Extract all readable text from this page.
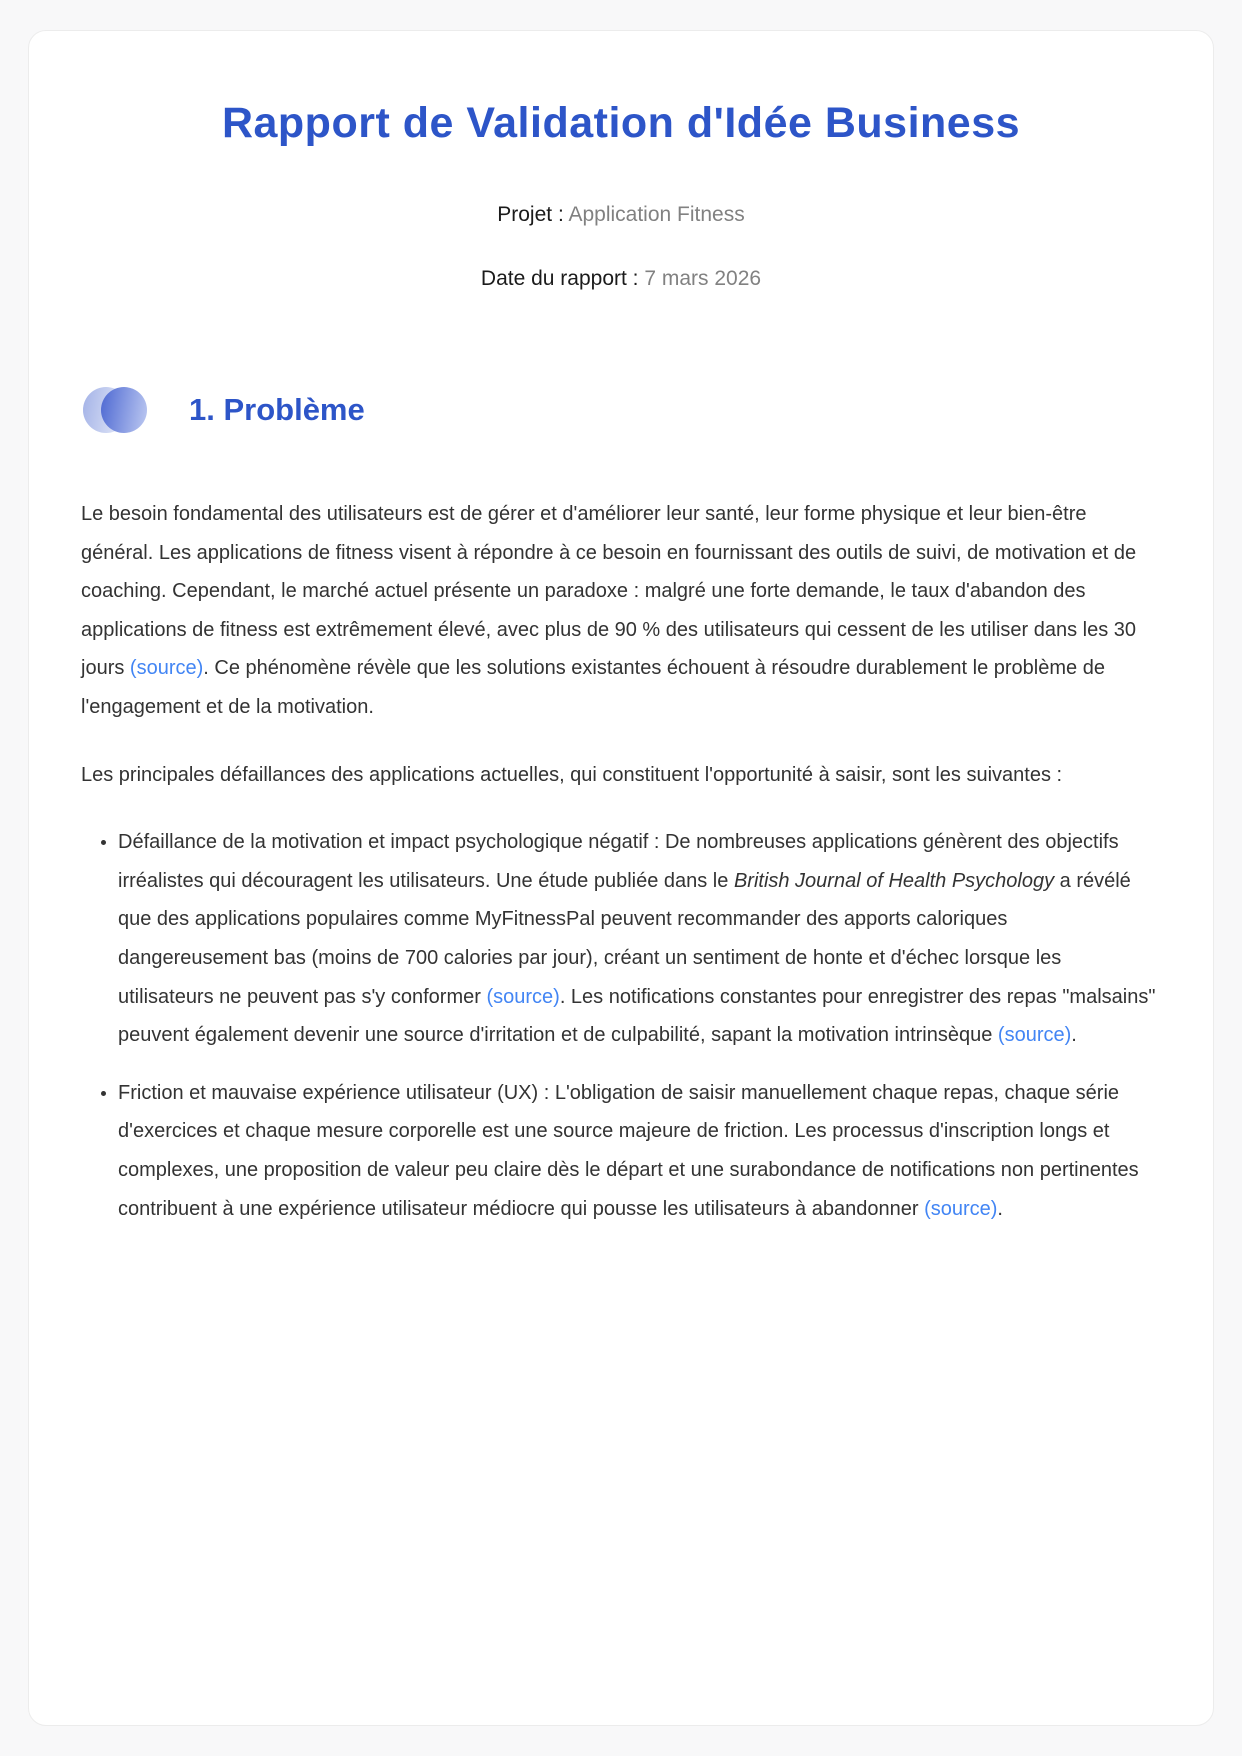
Rapport de Validation d'Idée Business

Projet : Application Fitness

Date du rapport : 7 mars 2026

1. Problème

Le besoin fondamental des utilisateurs est de gérer et d'améliorer leur santé, leur forme physique et leur bien-être général. Les applications de fitness visent à répondre à ce besoin en fournissant des outils de suivi, de motivation et de coaching. Cependant, le marché actuel présente un paradoxe : malgré une forte demande, le taux d'abandon des applications de fitness est extrêmement élevé, avec plus de 90 % des utilisateurs qui cessent de les utiliser dans les 30 jours (source). Ce phénomène révèle que les solutions existantes échouent à résoudre durablement le problème de l'engagement et de la motivation.

Les principales défaillances des applications actuelles, qui constituent l'opportunité à saisir, sont les suivantes :

• Défaillance de la motivation et impact psychologique négatif : De nombreuses applications génèrent des objectifs irréalistes qui découragent les utilisateurs. Une étude publiée dans le British Journal of Health Psychology a révélé que des applications populaires comme MyFitnessPal peuvent recommander des apports caloriques dangereusement bas (moins de 700 calories par jour), créant un sentiment de honte et d'échec lorsque les utilisateurs ne peuvent pas s'y conformer (source). Les notifications constantes pour enregistrer des repas "malsains" peuvent également devenir une source d'irritation et de culpabilité, sapant la motivation intrinsèque (source).
• Friction et mauvaise expérience utilisateur (UX) : L'obligation de saisir manuellement chaque repas, chaque série d'exercices et chaque mesure corporelle est une source majeure de friction. Les processus d'inscription longs et complexes, une proposition de valeur peu claire dès le départ et une surabondance de notifications non pertinentes contribuent à une expérience utilisateur médiocre qui pousse les utilisateurs à abandonner (source).
